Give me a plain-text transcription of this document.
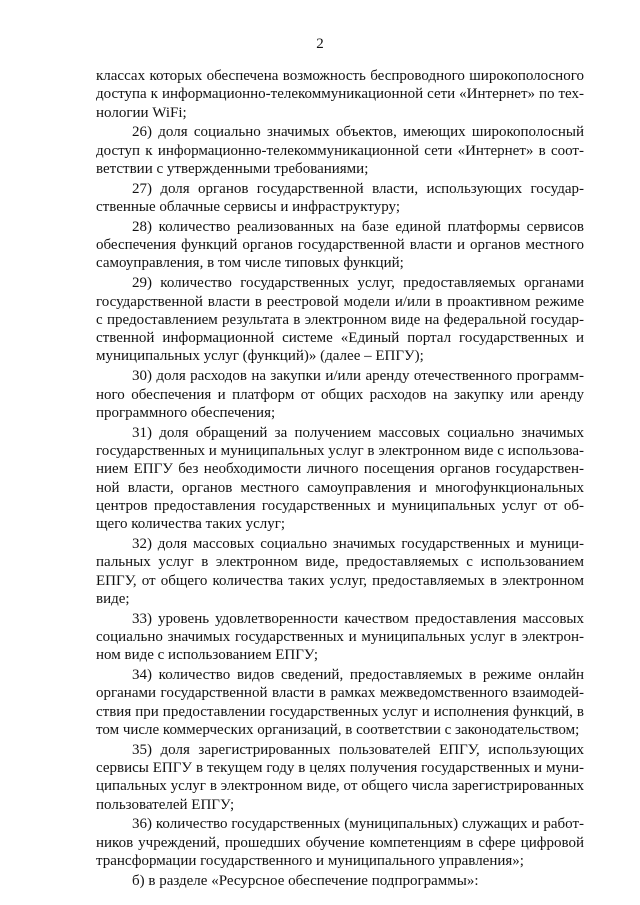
2

классах которых обеспечена возможность беспроводного широкополосного доступа к информационно-телекоммуникационной сети «Интернет» по технологии WiFi;

26) доля социально значимых объектов, имеющих широкополосный доступ к информационно-телекоммуникационной сети «Интернет» в соответствии с утвержденными требованиями;

27) доля органов государственной власти, использующих государственные облачные сервисы и инфраструктуру;

28) количество реализованных на базе единой платформы сервисов обеспечения функций органов государственной власти и органов местного самоуправления, в том числе типовых функций;

29) количество государственных услуг, предоставляемых органами государственной власти в реестровой модели и/или в проактивном режиме с предоставлением результата в электронном виде на федеральной государственной информационной системе «Единый портал государственных и муниципальных услуг (функций)» (далее – ЕПГУ);

30) доля расходов на закупки и/или аренду отечественного программного обеспечения и платформ от общих расходов на закупку или аренду программного обеспечения;

31) доля обращений за получением массовых социально значимых государственных и муниципальных услуг в электронном виде с использованием ЕПГУ без необходимости личного посещения органов государственной власти, органов местного самоуправления и многофункциональных центров предоставления государственных и муниципальных услуг от общего количества таких услуг;

32) доля массовых социально значимых государственных и муниципальных услуг в электронном виде, предоставляемых с использованием ЕПГУ, от общего количества таких услуг, предоставляемых в электронном виде;

33) уровень удовлетворенности качеством предоставления массовых социально значимых государственных и муниципальных услуг в электронном виде с использованием ЕПГУ;

34) количество видов сведений, предоставляемых в режиме онлайн органами государственной власти в рамках межведомственного взаимодействия при предоставлении государственных услуг и исполнения функций, в том числе коммерческих организаций, в соответствии с законодательством;

35) доля зарегистрированных пользователей ЕПГУ, использующих сервисы ЕПГУ в текущем году в целях получения государственных и муниципальных услуг в электронном виде, от общего числа зарегистрированных пользователей ЕПГУ;

36) количество государственных (муниципальных) служащих и работников учреждений, прошедших обучение компетенциям в сфере цифровой трансформации государственного и муниципального управления»;

б) в разделе «Ресурсное обеспечение подпрограммы»:
